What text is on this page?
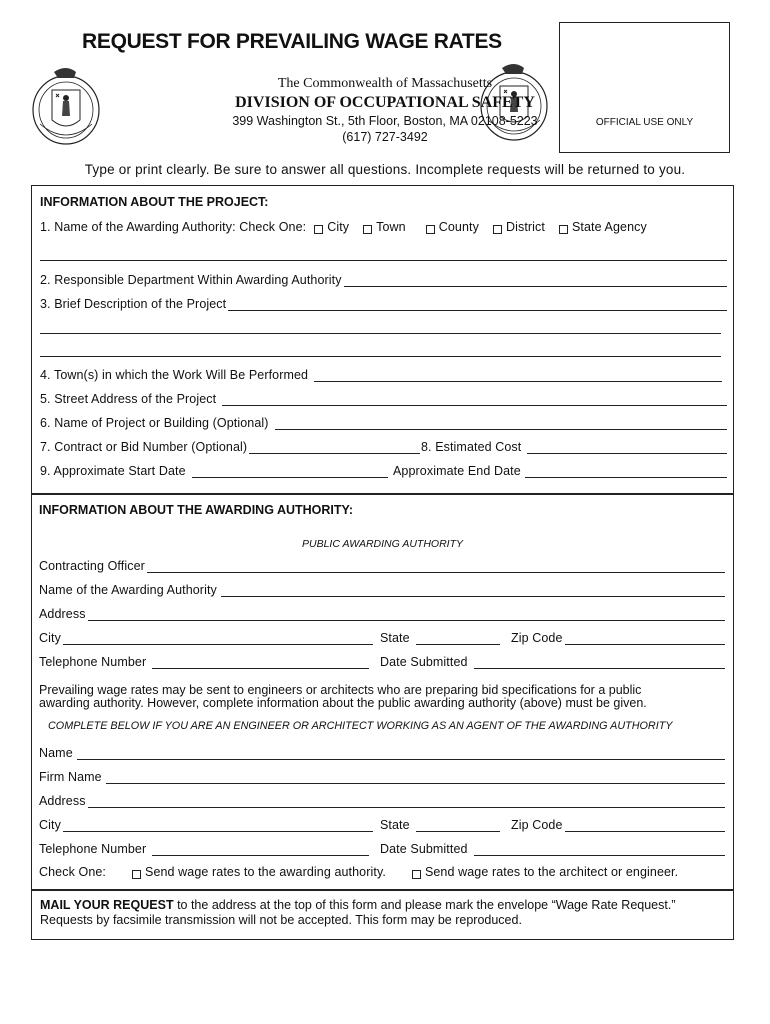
REQUEST FOR PREVAILING WAGE RATES
The Commonwealth of Massachusetts
DIVISION OF OCCUPATIONAL SAFETY
399 Washington St., 5th Floor, Boston, MA 02108-5223
(617) 727-3492
OFFICIAL USE ONLY
Type or print clearly. Be sure to answer all questions. Incomplete requests will be returned to you.
INFORMATION ABOUT THE PROJECT:
1. Name of the Awarding Authority: Check One: City Town	County District State Agency
2. Responsible Department Within Awarding Authority
3. Brief Description of the Project
4. Town(s) in which the Work Will Be Performed
5. Street Address of the Project
6. Name of Project or Building (Optional)
7. Contract or Bid Number (Optional)	8. Estimated Cost
9. Approximate Start Date	Approximate End Date
INFORMATION ABOUT THE AWARDING AUTHORITY:
PUBLIC AWARDING AUTHORITY
Contracting Officer
Name of the Awarding Authority
Address
City	State	Zip Code
Telephone Number	Date Submitted
Prevailing wage rates may be sent to engineers or architects who are preparing bid specifications for a public
awarding authority. However, complete information about the public awarding authority (above) must be given.
COMPLETE BELOW IF YOU ARE AN ENGINEER OR ARCHITECT WORKING AS AN AGENT OF THE AWARDING AUTHORITY
Name
Firm Name
Address
City	State	Zip Code
Telephone Number	Date Submitted
Check One:	Send wage rates to the awarding authority.	Send wage rates to the architect or engineer.
MAIL YOUR REQUEST to the address at the top of this form and please mark the envelope “Wage Rate Request.”
Requests by facsimile transmission will not be accepted. This form may be reproduced.
